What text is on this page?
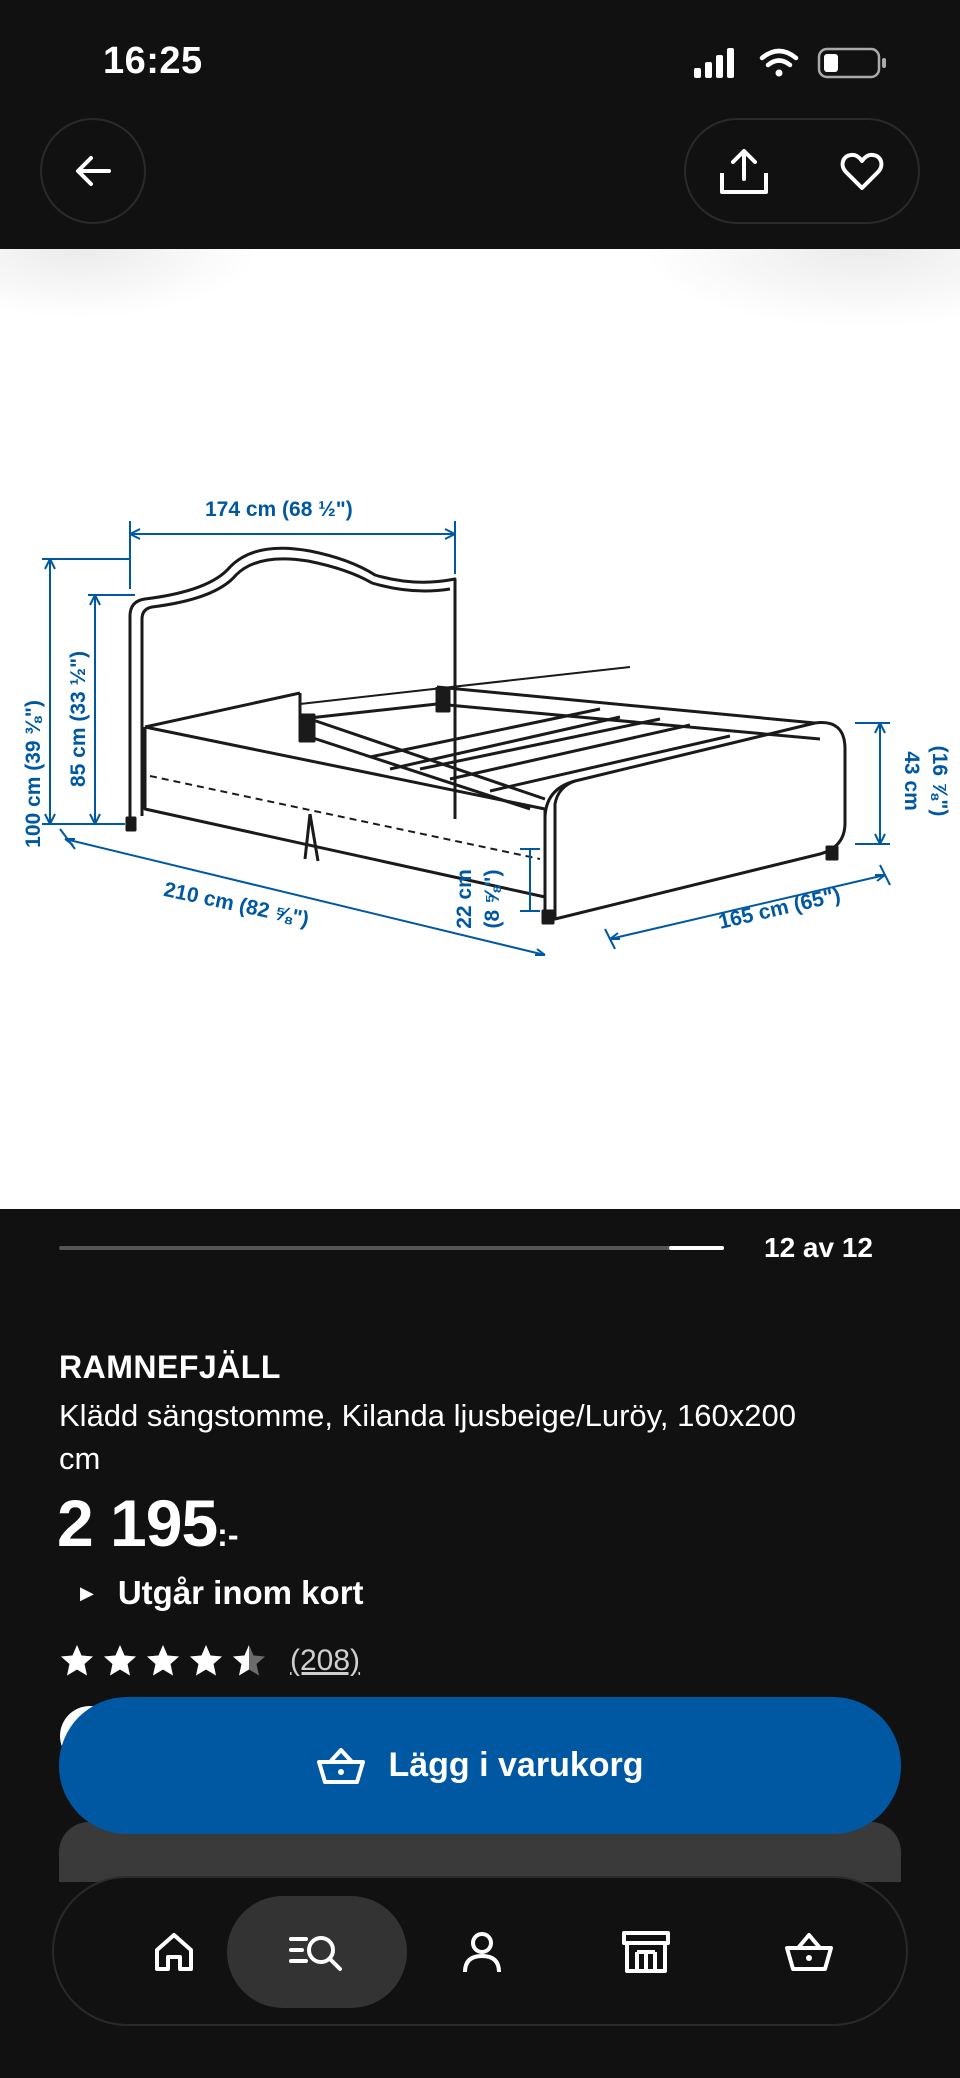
16:25
174 cm (68 ½")
100 cm (39 ⅜") 85 cm (33 ½")
210 cm (82 ⅝")	22 cm (8 ⅝")	165 cm (65")
43 cm (16 ⅞")
12 av 12
RAMNEFJÄLL
Klädd sängstomme, Kilanda ljusbeige/Luröy, 160x200 cm
2 195:-
▶ Utgår inom kort
(208)
Lägg i varukorg
